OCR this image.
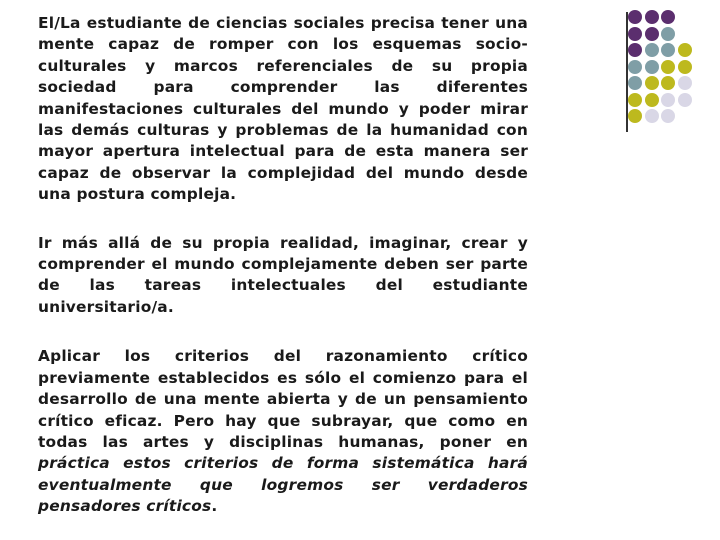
El/La estudiante de ciencias sociales precisa tener una mente capaz de romper con los esquemas socio-culturales y marcos referenciales de su propia sociedad para comprender las diferentes manifestaciones culturales del mundo y poder mirar las demás culturas y problemas de la humanidad con mayor apertura intelectual para de esta manera ser capaz de observar la complejidad del mundo desde una postura compleja.

Ir más allá de su propia realidad, imaginar, crear y comprender el mundo complejamente deben ser parte de las tareas intelectuales del estudiante universitario/a.

Aplicar los criterios del razonamiento crítico previamente establecidos es sólo el comienzo para el desarrollo de una mente abierta y de un pensamiento crítico eficaz. Pero hay que subrayar, que como en todas las artes y disciplinas humanas, poner en práctica estos criterios de forma sistemática hará eventualmente que logremos ser verdaderos pensadores críticos.
